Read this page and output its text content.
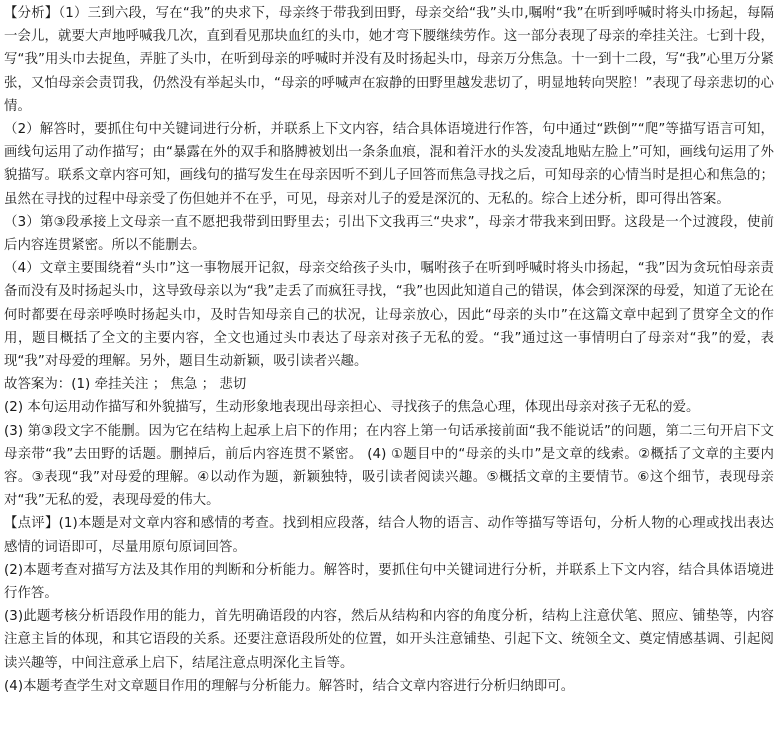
【分析】（1）三到六段，写在“我”的央求下，母亲终于带我到田野，母亲交给“我”头巾,嘱咐“我”在听到呼喊时将头巾扬起，每隔一会儿，就要大声地呼喊我几次，直到看见那块血红的头巾，她才弯下腰继续劳作。这一部分表现了母亲的牵挂关注。七到十段，写“我”用头巾去捉鱼，弄脏了头巾，在听到母亲的呼喊时并没有及时扬起头巾，母亲万分焦急。十一到十二段，写“我”心里万分紧张，又怕母亲会责罚我，仍然没有举起头巾，“母亲的呼喊声在寂静的田野里越发悲切了，明显地转向哭腔！”表现了母亲悲切的心情。

（2）解答时，要抓住句中关键词进行分析，并联系上下文内容，结合具体语境进行作答，句中通过“跌倒”“爬”等描写语言可知，画线句运用了动作描写；由“暴露在外的双手和胳膊被划出一条条血痕，混和着汗水的头发凌乱地贴左脸上”可知，画线句运用了外貌描写。联系文章内容可知，画线句的描写发生在母亲因听不到儿子回答而焦急寻找之后，可知母亲的心情当时是担心和焦急的；虽然在寻找的过程中母亲受了伤但她并不在乎，可见，母亲对儿子的爱是深沉的、无私的。综合上述分析，即可得出答案。

（3）第③段承接上文母亲一直不愿把我带到田野里去；引出下文我再三“央求”，母亲才带我来到田野。这段是一个过渡段，使前后内容连贯紧密。所以不能删去。

（4）文章主要围绕着“头巾”这一事物展开记叙，母亲交给孩子头巾，嘱咐孩子在听到呼喊时将头巾扬起，“我”因为贪玩怕母亲责备而没有及时扬起头巾，这导致母亲以为“我”走丢了而疯狂寻找，“我”也因此知道自己的错误，体会到深深的母爱，知道了无论在何时都要在母亲呼唤时扬起头巾，及时告知母亲自己的状况，让母亲放心，因此“母亲的头巾”在这篇文章中起到了贯穿全文的作用，题目概括了全文的主要内容，全文也通过头巾表达了母亲对孩子无私的爱。“我”通过这一事情明白了母亲对“我”的爱，表现“我”对母爱的理解。另外，题目生动新颖，吸引读者兴趣。

故答案为：(1) 牵挂关注 ； 焦急 ； 悲切

(2) 本句运用动作描写和外貌描写，生动形象地表现出母亲担心、寻找孩子的焦急心理，体现出母亲对孩子无私的爱。

(3) 第③段文字不能删。因为它在结构上起承上启下的作用；在内容上第一句话承接前面“我不能说话”的问题，第二三句开启下文母亲带“我”去田野的话题。删掉后，前后内容连贯不紧密。 (4) ①题目中的“母亲的头巾”是文章的线索。②概括了文章的主要内容。③表现“我”对母爱的理解。④以动作为题，新颖独特，吸引读者阅读兴趣。⑤概括文章的主要情节。⑥这个细节，表现母亲对“我”无私的爱，表现母爱的伟大。

【点评】(1)本题是对文章内容和感情的考查。找到相应段落，结合人物的语言、动作等描写等语句，分析人物的心理或找出表达感情的词语即可，尽量用原句原词回答。

(2)本题考查对描写方法及其作用的判断和分析能力。解答时，要抓住句中关键词进行分析，并联系上下文内容，结合具体语境进行作答。

(3)此题考核分析语段作用的能力，首先明确语段的内容，然后从结构和内容的角度分析，结构上注意伏笔、照应、铺垫等，内容注意主旨的体现，和其它语段的关系。还要注意语段所处的位置，如开头注意铺垫、引起下文、统领全文、奠定情感基调、引起阅读兴趣等，中间注意承上启下，结尾注意点明深化主旨等。

(4)本题考查学生对文章题目作用的理解与分析能力。解答时，结合文章内容进行分析归纳即可。
